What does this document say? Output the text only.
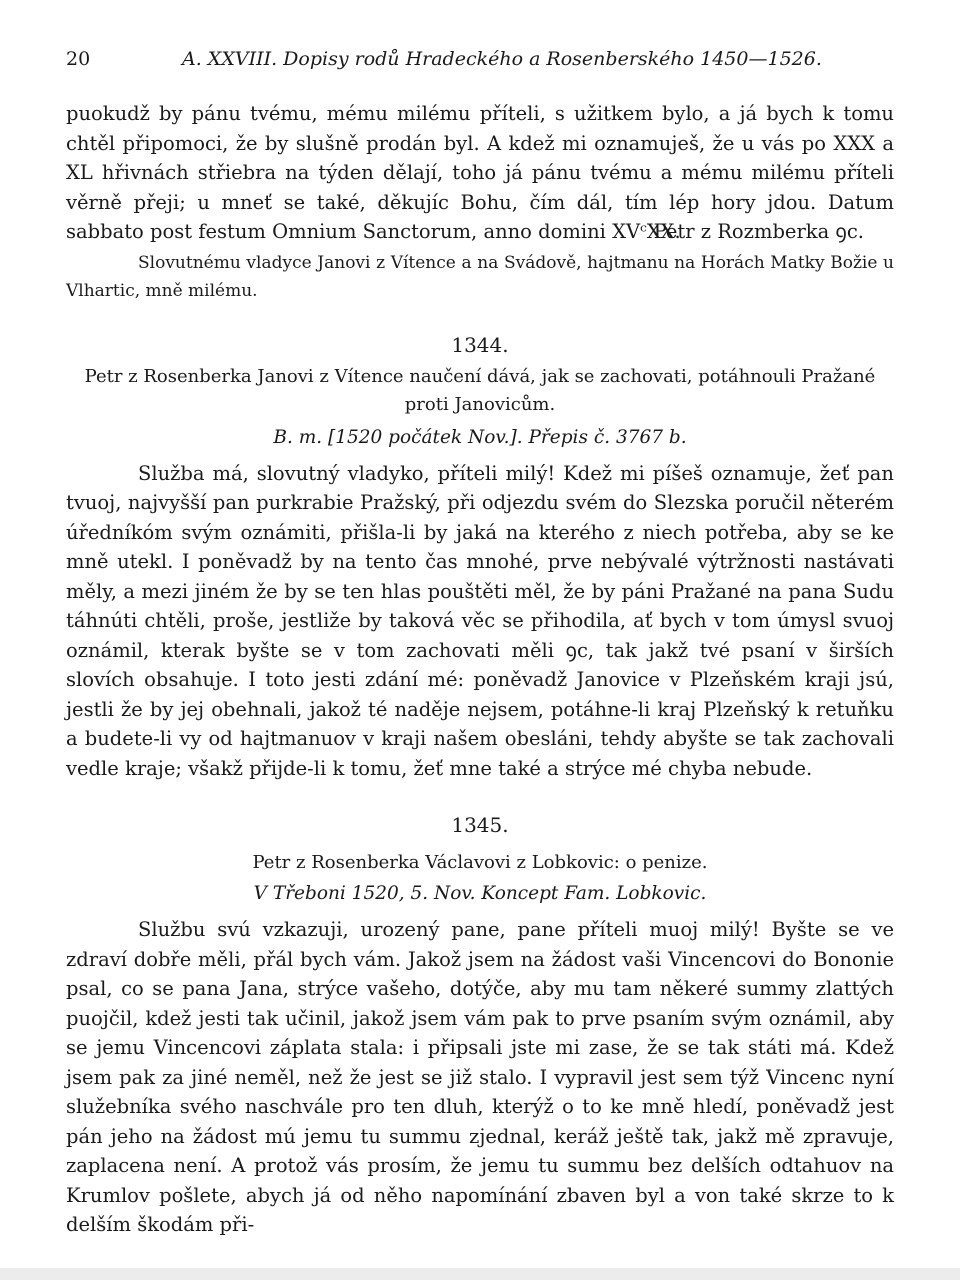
20	A. XXVIII. Dopisy rodů Hradeckého a Rosenberského 1450—1526.

puokudž by pánu tvému, mému milému příteli, s užitkem bylo, a já bych k tomu chtěl připomoci, že by slušně prodán byl. A kdež mi oznamuješ, že u vás po XXX a XL hřivnách střiebra na týden dělají, toho já pánu tvému a mému milému příteli věrně přeji; u mneť se také, děkujíc Bohu, čím dál, tím lép hory jdou. Datum sabbato post festum Omnium Sanctorum, anno domini XVᶜXX.

Petr z Rozmberka ꝯc.

Slovutnému vladyce Janovi z Vítence a na Svádově, hajtmanu na Horách Matky Božie u Vlhartic, mně milému.

1344.

Petr z Rosenberka Janovi z Vítence naučení dává, jak se zachovati, potáhnouli Pražané proti Janovicům.

B. m. [1520 počátek Nov.]. Přepis č. 3767 b.

Služba má, slovutný vladyko, příteli milý! Kdež mi píšeš oznamuje, žeť pan tvuoj, najvyšší pan purkrabie Pražský, při odjezdu svém do Slezska poručil něterém úředníkóm svým oznámiti, přišla-li by jaká na kterého z niech potřeba, aby se ke mně utekl. I poněvadž by na tento čas mnohé, prve nebývalé výtržnosti nastávati měly, a mezi jiném že by se ten hlas pouštěti měl, že by páni Pražané na pana Sudu táhnúti chtěli, proše, jestliže by taková věc se přihodila, ať bych v tom úmysl svuoj oznámil, kterak byšte se v tom zachovati měli ꝯc, tak jakž tvé psaní v širších slovích obsahuje. I toto jesti zdání mé: poněvadž Janovice v Plzeňském kraji jsú, jestli že by jej obehnali, jakož té naděje nejsem, potáhne-li kraj Plzeňský k retuňku a budete-li vy od hajtmanuov v kraji našem obesláni, tehdy abyšte se tak zachovali vedle kraje; všakž přijde-li k tomu, žeť mne také a strýce mé chyba nebude.

1345.

Petr z Rosenberka Václavovi z Lobkovic: o penize.

V Třeboni 1520, 5. Nov. Koncept Fam. Lobkovic.

Službu svú vzkazuji, urozený pane, pane příteli muoj milý! Byšte se ve zdraví dobře měli, přál bych vám. Jakož jsem na žádost vaši Vincencovi do Bononie psal, co se pana Jana, strýce vašeho, dotýče, aby mu tam někeré summy zlattých puojčil, kdež jesti tak učinil, jakož jsem vám pak to prve psaním svým oznámil, aby se jemu Vincencovi záplata stala: i připsali jste mi zase, že se tak státi má. Kdež jsem pak za jiné neměl, než že jest se již stalo. I vypravil jest sem týž Vincenc nyní služebníka svého naschvále pro ten dluh, kterýž o to ke mně hledí, poněvadž jest pán jeho na žádost mú jemu tu summu zjednal, keráž ještě tak, jakž mě zpravuje, zaplacena není. A protož vás prosím, že jemu tu summu bez delších odtahuov na Krumlov pošlete, abych já od něho napomínání zbaven byl a von také skrze to k delším škodám při-
